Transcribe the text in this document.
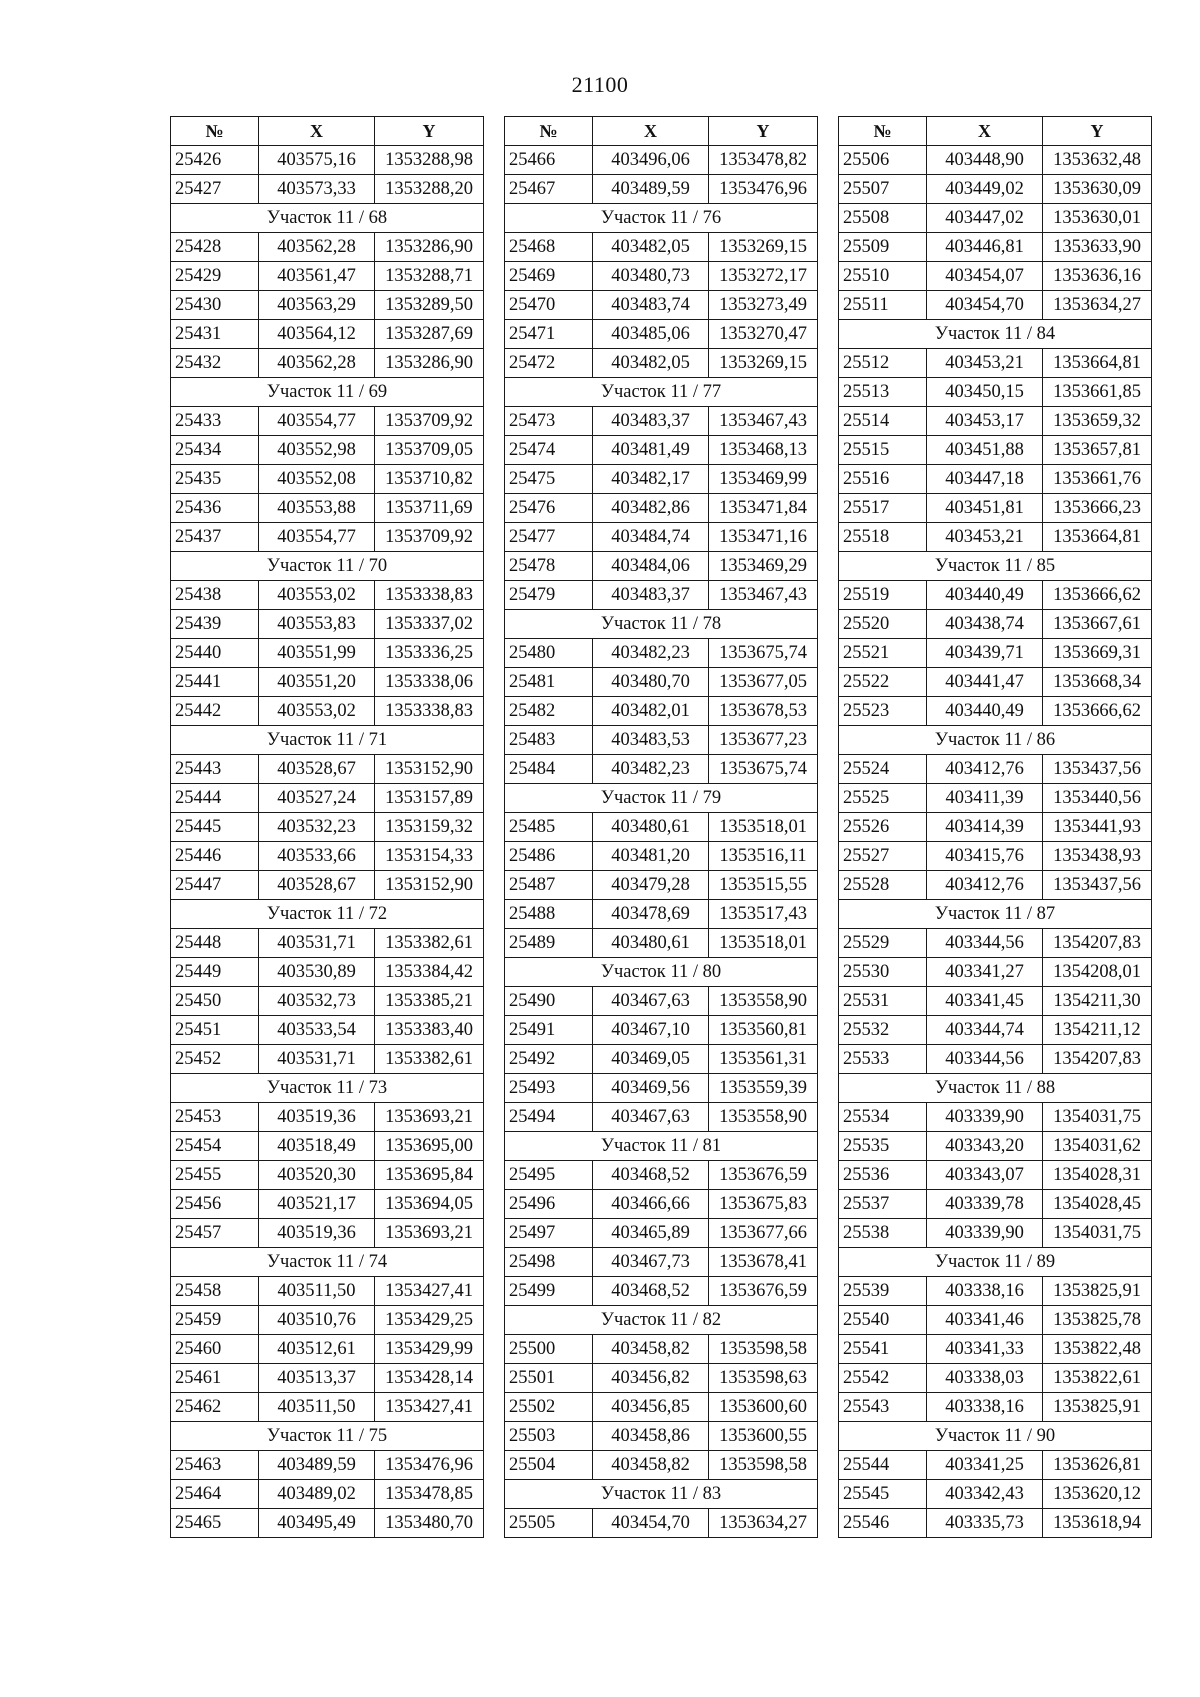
21100
№	X	Y
25426	403575,16	1353288,98
25427	403573,33	1353288,20
Участок 11 / 68		
25428	403562,28	1353286,90
25429	403561,47	1353288,71
25430	403563,29	1353289,50
25431	403564,12	1353287,69
25432	403562,28	1353286,90
Участок 11 / 69		
25433	403554,77	1353709,92
25434	403552,98	1353709,05
25435	403552,08	1353710,82
25436	403553,88	1353711,69
25437	403554,77	1353709,92
Участок 11 / 70		
25438	403553,02	1353338,83
25439	403553,83	1353337,02
25440	403551,99	1353336,25
25441	403551,20	1353338,06
25442	403553,02	1353338,83
Участок 11 / 71		
25443	403528,67	1353152,90
25444	403527,24	1353157,89
25445	403532,23	1353159,32
25446	403533,66	1353154,33
25447	403528,67	1353152,90
Участок 11 / 72		
25448	403531,71	1353382,61
25449	403530,89	1353384,42
25450	403532,73	1353385,21
25451	403533,54	1353383,40
25452	403531,71	1353382,61
Участок 11 / 73		
25453	403519,36	1353693,21
25454	403518,49	1353695,00
25455	403520,30	1353695,84
25456	403521,17	1353694,05
25457	403519,36	1353693,21
Участок 11 / 74		
25458	403511,50	1353427,41
25459	403510,76	1353429,25
25460	403512,61	1353429,99
25461	403513,37	1353428,14
25462	403511,50	1353427,41
Участок 11 / 75		
25463	403489,59	1353476,96
25464	403489,02	1353478,85
25465	403495,49	1353480,70
№	X	Y
25466	403496,06	1353478,82
25467	403489,59	1353476,96
Участок 11 / 76		
25468	403482,05	1353269,15
25469	403480,73	1353272,17
25470	403483,74	1353273,49
25471	403485,06	1353270,47
25472	403482,05	1353269,15
Участок 11 / 77		
25473	403483,37	1353467,43
25474	403481,49	1353468,13
25475	403482,17	1353469,99
25476	403482,86	1353471,84
25477	403484,74	1353471,16
25478	403484,06	1353469,29
25479	403483,37	1353467,43
Участок 11 / 78		
25480	403482,23	1353675,74
25481	403480,70	1353677,05
25482	403482,01	1353678,53
25483	403483,53	1353677,23
25484	403482,23	1353675,74
Участок 11 / 79		
25485	403480,61	1353518,01
25486	403481,20	1353516,11
25487	403479,28	1353515,55
25488	403478,69	1353517,43
25489	403480,61	1353518,01
Участок 11 / 80		
25490	403467,63	1353558,90
25491	403467,10	1353560,81
25492	403469,05	1353561,31
25493	403469,56	1353559,39
25494	403467,63	1353558,90
Участок 11 / 81		
25495	403468,52	1353676,59
25496	403466,66	1353675,83
25497	403465,89	1353677,66
25498	403467,73	1353678,41
25499	403468,52	1353676,59
Участок 11 / 82		
25500	403458,82	1353598,58
25501	403456,82	1353598,63
25502	403456,85	1353600,60
25503	403458,86	1353600,55
25504	403458,82	1353598,58
Участок 11 / 83		
25505	403454,70	1353634,27
№	X	Y
25506	403448,90	1353632,48
25507	403449,02	1353630,09
25508	403447,02	1353630,01
25509	403446,81	1353633,90
25510	403454,07	1353636,16
25511	403454,70	1353634,27
Участок 11 / 84		
25512	403453,21	1353664,81
25513	403450,15	1353661,85
25514	403453,17	1353659,32
25515	403451,88	1353657,81
25516	403447,18	1353661,76
25517	403451,81	1353666,23
25518	403453,21	1353664,81
Участок 11 / 85		
25519	403440,49	1353666,62
25520	403438,74	1353667,61
25521	403439,71	1353669,31
25522	403441,47	1353668,34
25523	403440,49	1353666,62
Участок 11 / 86		
25524	403412,76	1353437,56
25525	403411,39	1353440,56
25526	403414,39	1353441,93
25527	403415,76	1353438,93
25528	403412,76	1353437,56
Участок 11 / 87		
25529	403344,56	1354207,83
25530	403341,27	1354208,01
25531	403341,45	1354211,30
25532	403344,74	1354211,12
25533	403344,56	1354207,83
Участок 11 / 88		
25534	403339,90	1354031,75
25535	403343,20	1354031,62
25536	403343,07	1354028,31
25537	403339,78	1354028,45
25538	403339,90	1354031,75
Участок 11 / 89		
25539	403338,16	1353825,91
25540	403341,46	1353825,78
25541	403341,33	1353822,48
25542	403338,03	1353822,61
25543	403338,16	1353825,91
Участок 11 / 90		
25544	403341,25	1353626,81
25545	403342,43	1353620,12
25546	403335,73	1353618,94
